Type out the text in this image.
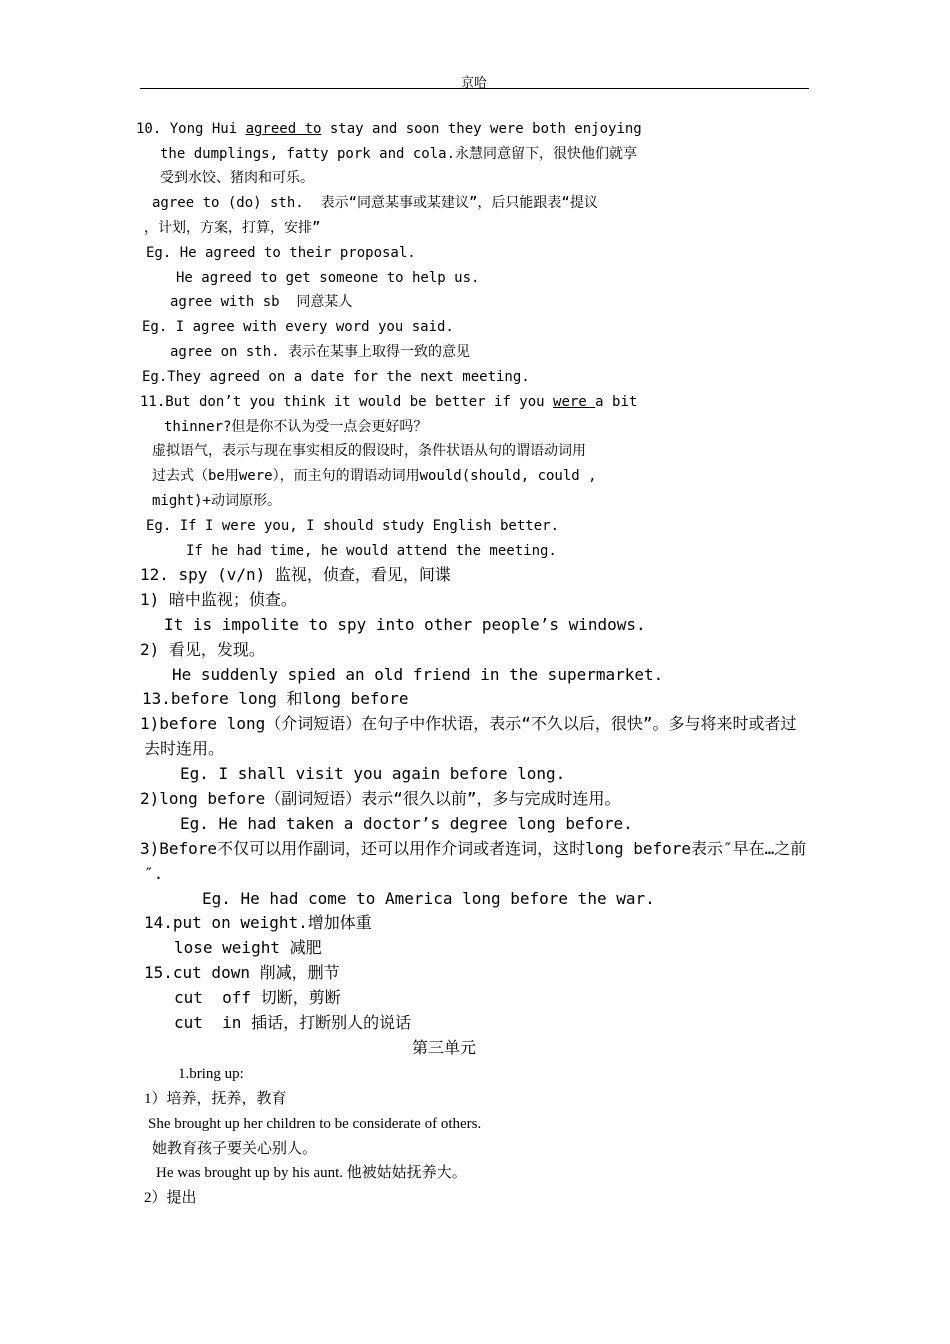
京哈
10. Yong Hui agreed to stay and soon they were both enjoying
the dumplings, fatty pork and cola.永慧同意留下，很快他们就享
受到水饺、猪肉和可乐。
agree to (do) sth.  表示“同意某事或某建议”，后只能跟表“提议
，计划，方案，打算，安排”
Eg. He agreed to their proposal.
He agreed to get someone to help us.
agree with sb  同意某人
Eg. I agree with every word you said.
agree on sth. 表示在某事上取得一致的意见
Eg.They agreed on a date for the next meeting.
11.But don’t you think it would be better if you were a bit
thinner?但是你不认为受一点会更好吗？
虚拟语气，表示与现在事实相反的假设时，条件状语从句的谓语动词用
过去式（be用were），而主句的谓语动词用would(should, could ,
might)+动词原形。
Eg. If I were you, I should study English better.
If he had time, he would attend the meeting.
12. spy (v/n) 监视，侦查，看见，间谍
1) 暗中监视；侦查。
It is impolite to spy into other people’s windows.
2) 看见，发现。
He suddenly spied an old friend in the supermarket.
13.before long 和long before
1)before long（介词短语）在句子中作状语，表示“不久以后，很快”。多与将来时或者过
去时连用。
Eg. I shall visit you again before long.
2)long before（副词短语）表示“很久以前”，多与完成时连用。
Eg. He had taken a doctor’s degree long before.
3)Before不仅可以用作副词，还可以用作介词或者连词，这时long before表示″早在…之前
″.
Eg. He had come to America long before the war.
14.put on weight.增加体重
lose weight 减肥
15.cut down 削减，删节
cut  off 切断，剪断
cut  in 插话，打断别人的说话
第三单元
1.bring up:
1）培养，抚养，教育
She brought up her children to be considerate of others.
她教育孩子要关心别人。
He was brought up by his aunt. 他被姑姑抚养大。
2）提出
